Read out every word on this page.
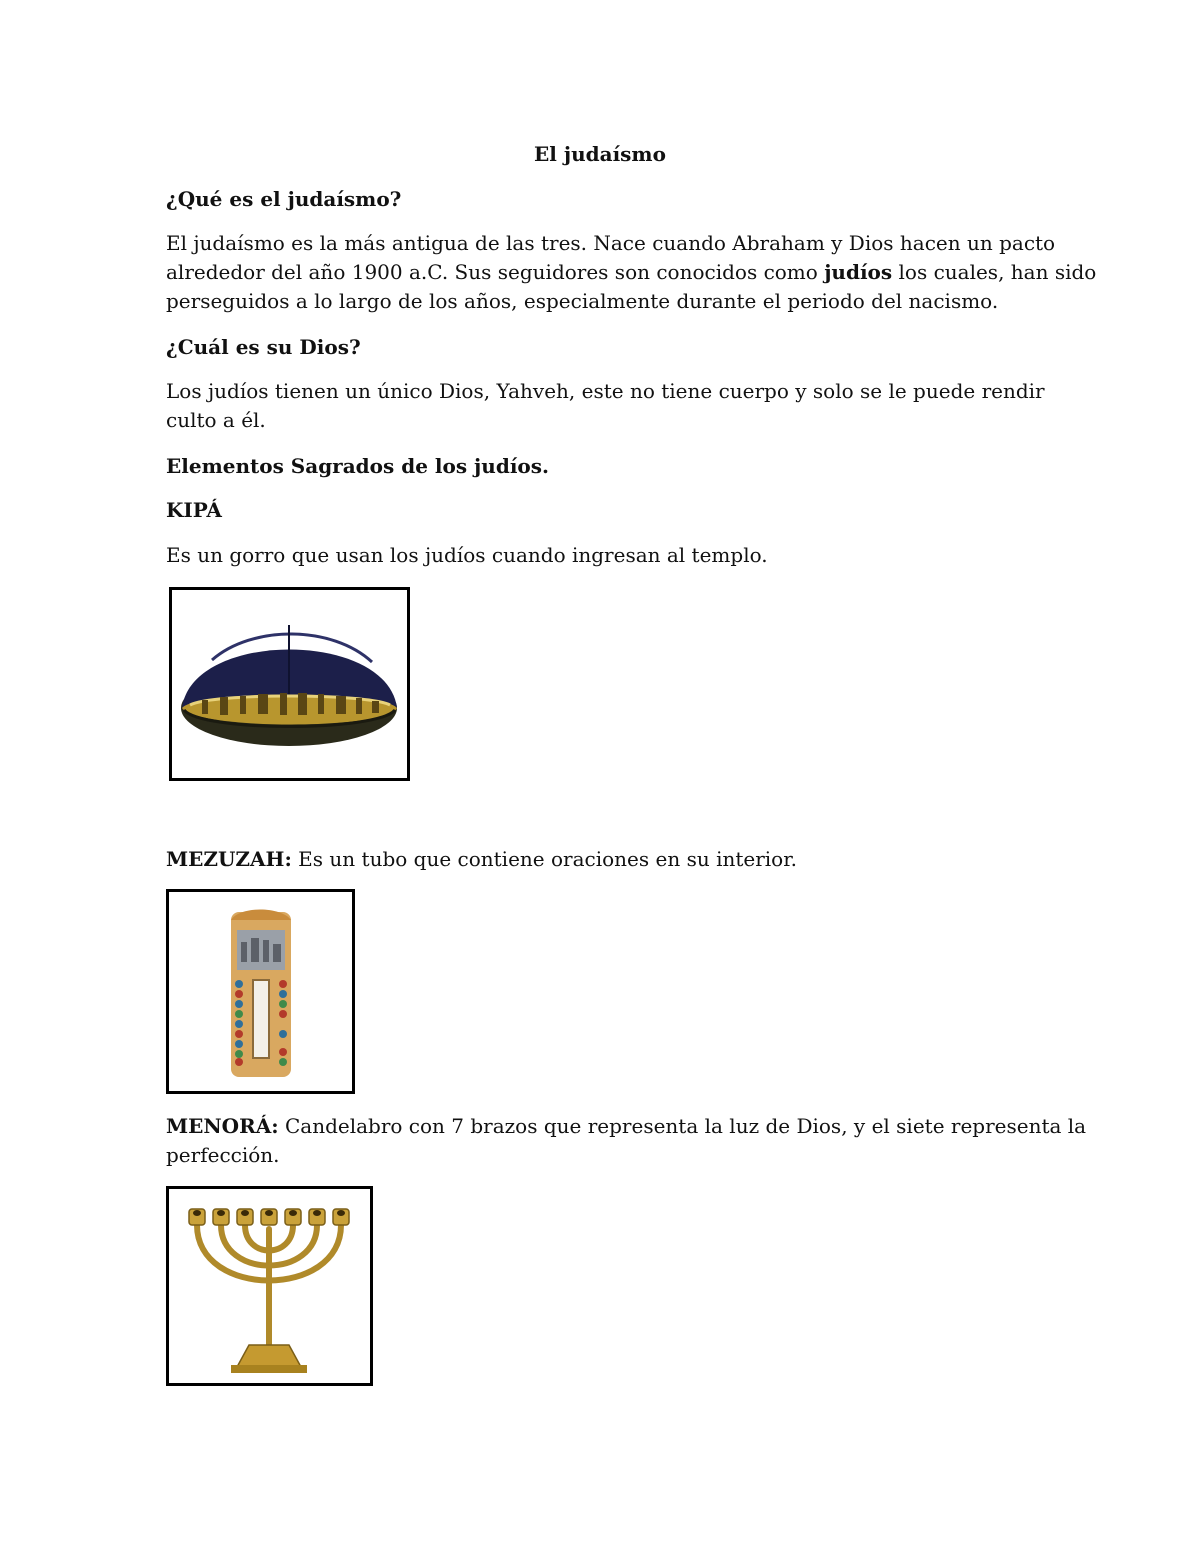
El judaísmo
¿Qué es el judaísmo?
El judaísmo es la más antigua de las tres. Nace cuando Abraham y Dios hacen un pacto
alrededor del año 1900 a.C. Sus seguidores son conocidos como judíos los cuales, han sido
perseguidos a lo largo de los años, especialmente durante el periodo del nacismo.
¿Cuál es su Dios?
Los judíos tienen un único Dios, Yahveh, este no tiene cuerpo y solo se le puede rendir
culto a él.
Elementos Sagrados de los judíos.
KIPÁ
Es un gorro que usan los judíos cuando ingresan al templo.
MEZUZAH: Es un tubo que contiene oraciones en su interior.
MENORÁ: Candelabro con 7 brazos que representa la luz de Dios, y el siete representa la
perfección.
